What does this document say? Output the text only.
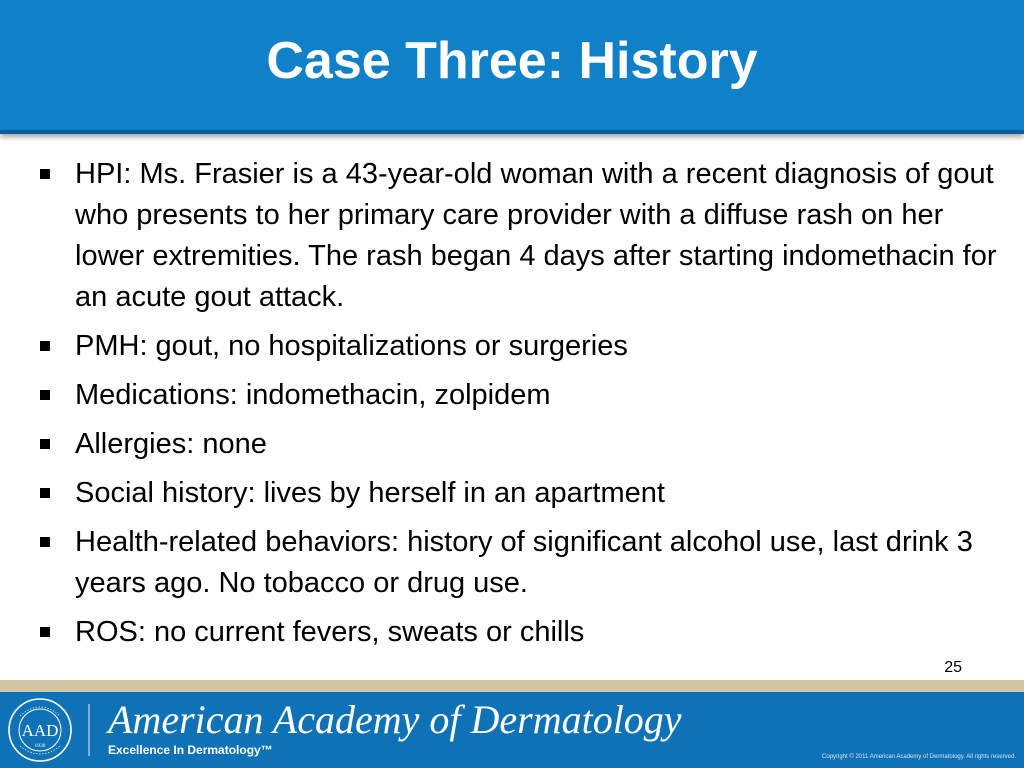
Case Three: History
HPI: Ms. Frasier is a 43-year-old woman with a recent diagnosis of gout who presents to her primary care provider with a diffuse rash on her lower extremities. The rash began 4 days after starting indomethacin for an acute gout attack.
PMH: gout, no hospitalizations or surgeries
Medications: indomethacin, zolpidem
Allergies: none
Social history: lives by herself in an apartment
Health-related behaviors: history of significant alcohol use, last drink 3 years ago. No tobacco or drug use.
ROS: no current fevers, sweats or chills
25
AAD
1938
American Academy of Dermatology
Excellence In Dermatology™	Copyright © 2011 American Academy of Dermatology. All rights reserved.
